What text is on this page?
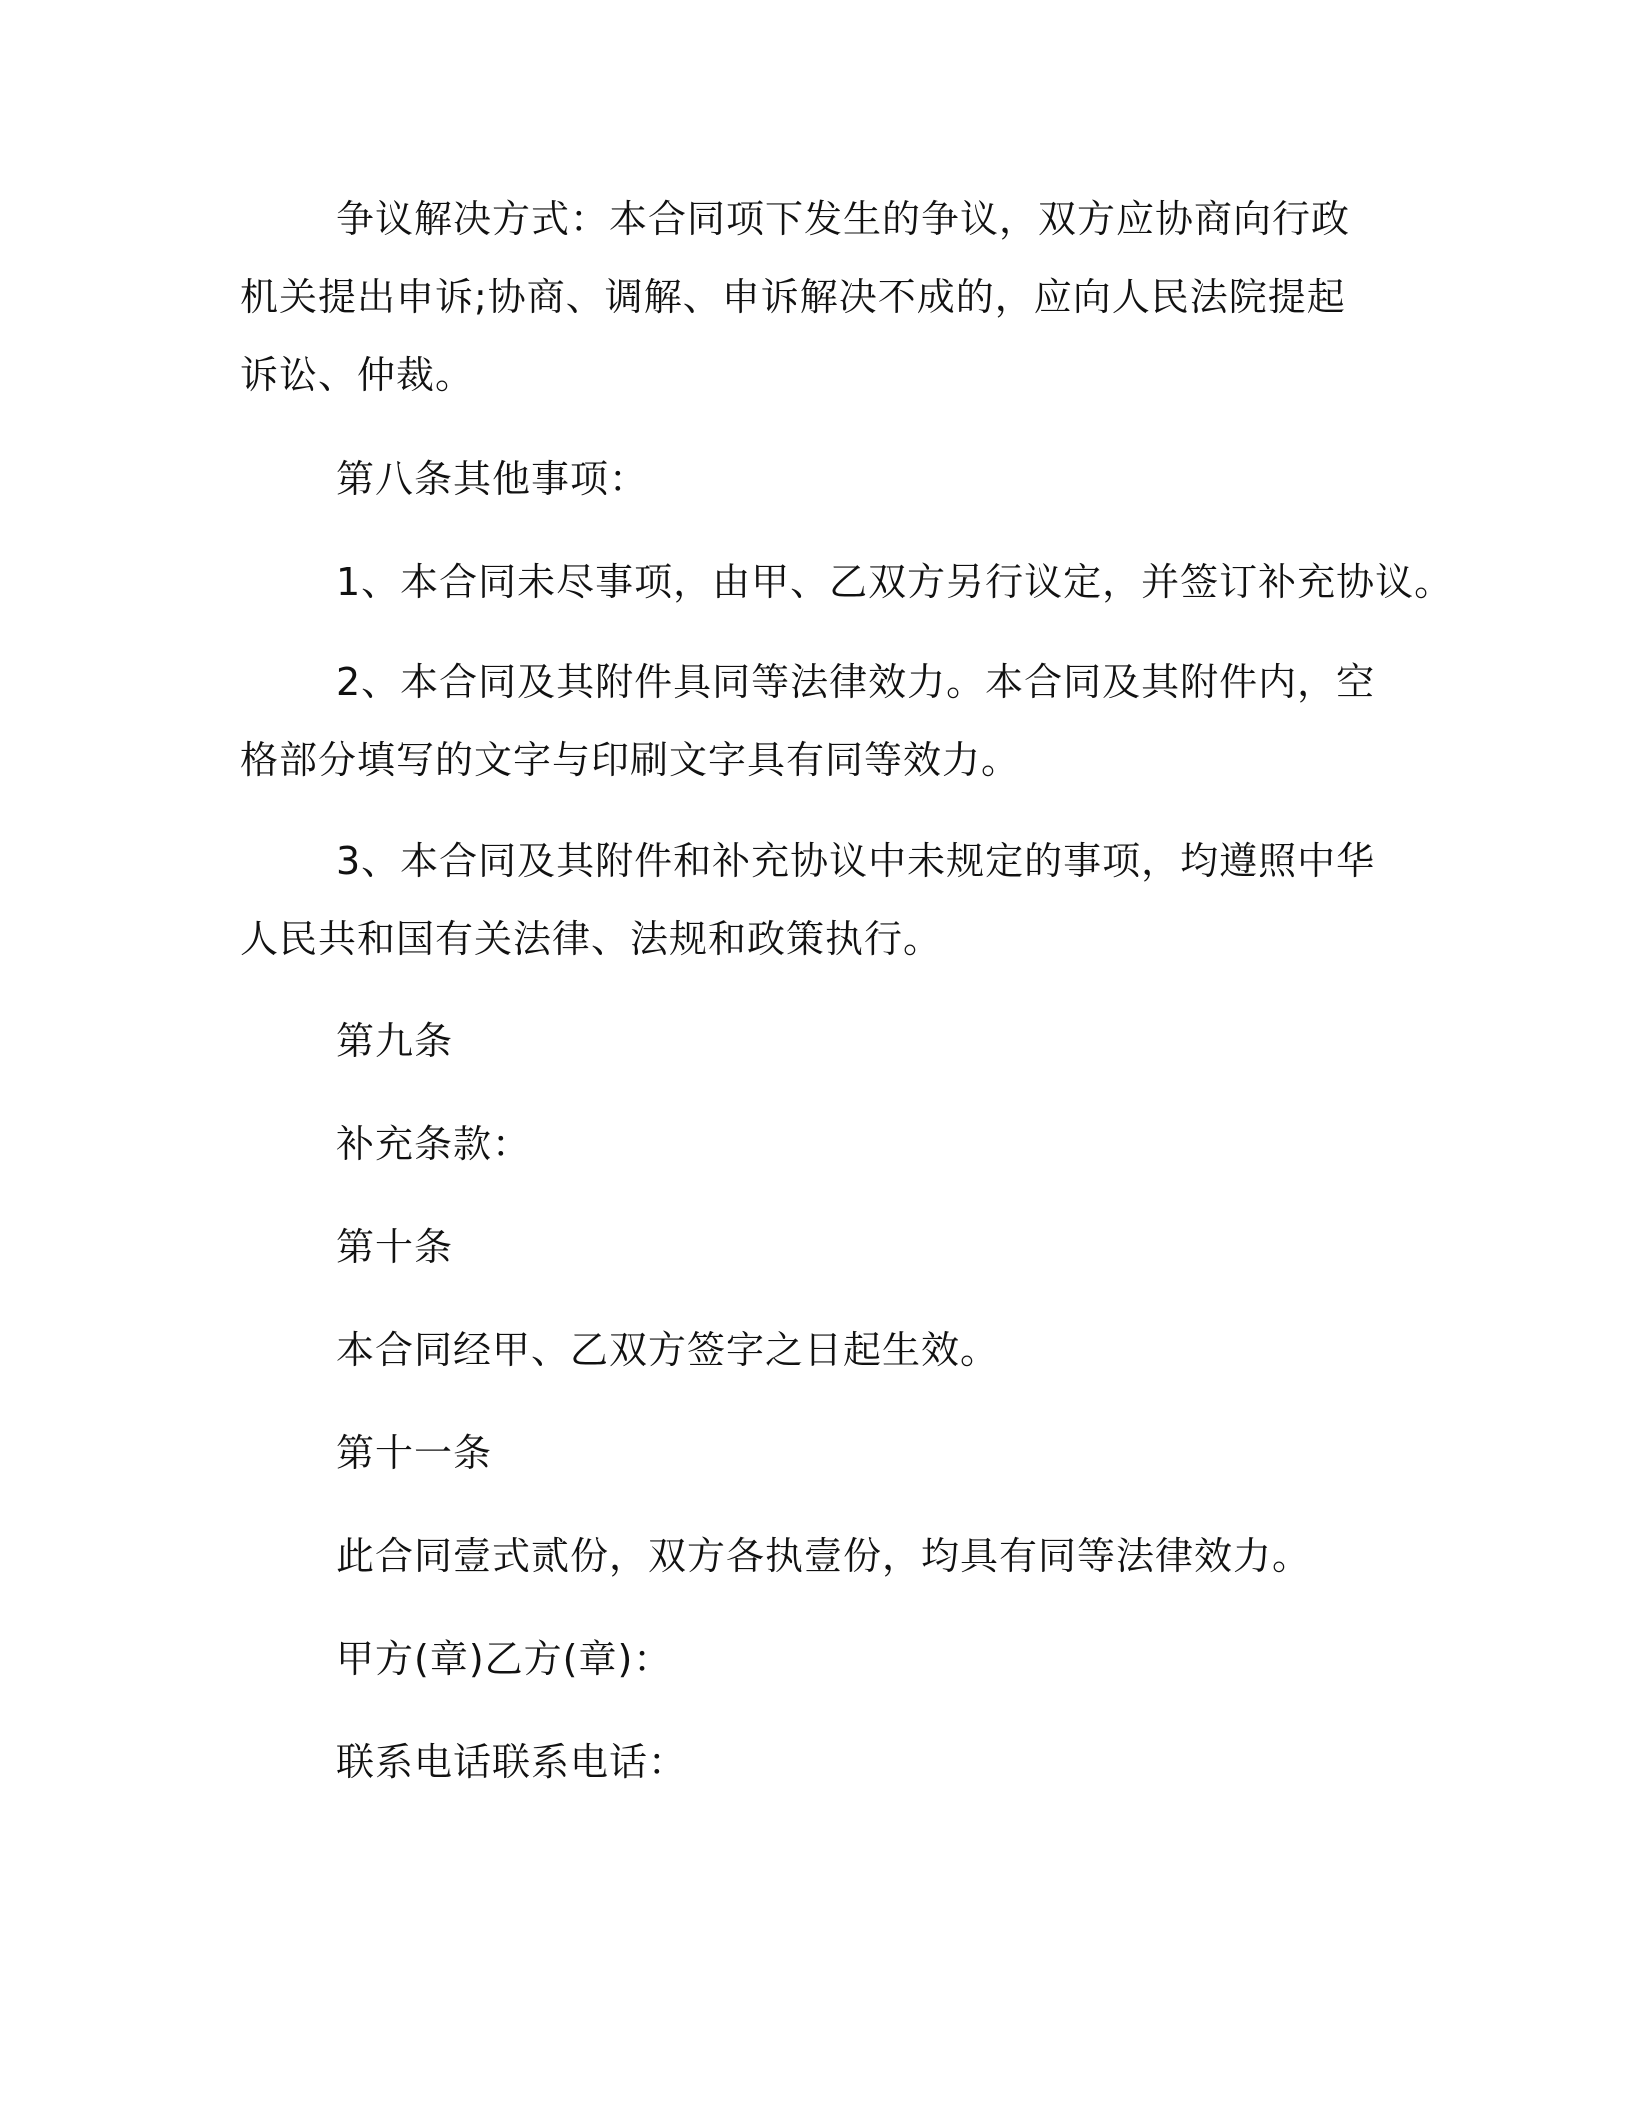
争议解决方式：本合同项下发生的争议，双方应协商向行政机关提出申诉;协商、调解、申诉解决不成的，应向人民法院提起诉讼、仲裁。

第八条其他事项：

1、本合同未尽事项，由甲、乙双方另行议定，并签订补充协议。

2、本合同及其附件具同等法律效力。本合同及其附件内，空格部分填写的文字与印刷文字具有同等效力。

3、本合同及其附件和补充协议中未规定的事项，均遵照中华人民共和国有关法律、法规和政策执行。

第九条

补充条款：

第十条

本合同经甲、乙双方签字之日起生效。

第十一条

此合同壹式贰份，双方各执壹份，均具有同等法律效力。

甲方(章)乙方(章)：

联系电话联系电话：
